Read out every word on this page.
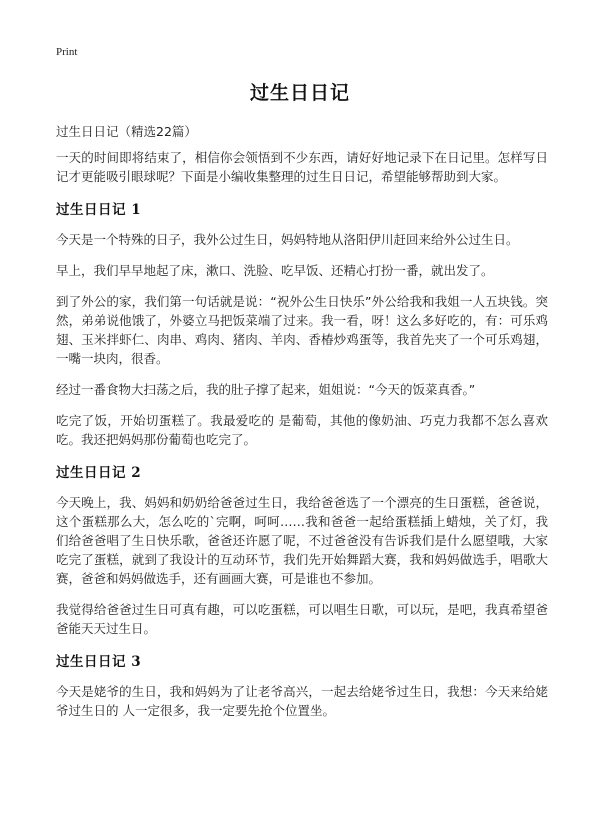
Print
过生日日记
过生日日记（精选22篇）

一天的时间即将结束了，相信你会领悟到不少东西，请好好地记录下在日记里。怎样写日记才更能吸引眼球呢？下面是小编收集整理的过生日日记，希望能够帮助到大家。

过生日日记 1

今天是一个特殊的日子，我外公过生日，妈妈特地从洛阳伊川赶回来给外公过生日。

早上，我们早早地起了床，漱口、洗脸、吃早饭、还精心打扮一番，就出发了。

到了外公的家，我们第一句话就是说：“祝外公生日快乐”外公给我和我姐一人五块钱。突然，弟弟说他饿了，外婆立马把饭菜端了过来。我一看，呀！这么多好吃的，有：可乐鸡翅、玉米拌虾仁、肉串、鸡肉、猪肉、羊肉、香椿炒鸡蛋等，我首先夹了一个可乐鸡翅，一嘴一块肉，很香。

经过一番食物大扫荡之后，我的肚子撑了起来，姐姐说：“今天的饭菜真香。”

吃完了饭，开始切蛋糕了。我最爱吃的 是葡萄，其他的像奶油、巧克力我都不怎么喜欢吃。我还把妈妈那份葡萄也吃完了。

过生日日记 2

今天晚上，我、妈妈和奶奶给爸爸过生日，我给爸爸选了一个漂亮的生日蛋糕，爸爸说，这个蛋糕那么大，怎么吃的`完啊，呵呵……我和爸爸一起给蛋糕插上蜡烛，关了灯，我们给爸爸唱了生日快乐歌，爸爸还许愿了呢，不过爸爸没有告诉我们是什么愿望哦，大家吃完了蛋糕，就到了我设计的互动环节，我们先开始舞蹈大赛，我和妈妈做选手，唱歌大赛，爸爸和妈妈做选手，还有画画大赛，可是谁也不参加。

我觉得给爸爸过生日可真有趣，可以吃蛋糕，可以唱生日歌，可以玩，是吧，我真希望爸爸能天天过生日。

过生日日记 3

今天是姥爷的生日，我和妈妈为了让老爷高兴，一起去给姥爷过生日，我想：今天来给姥爷过生日的 人一定很多，我一定要先抢个位置坐。
